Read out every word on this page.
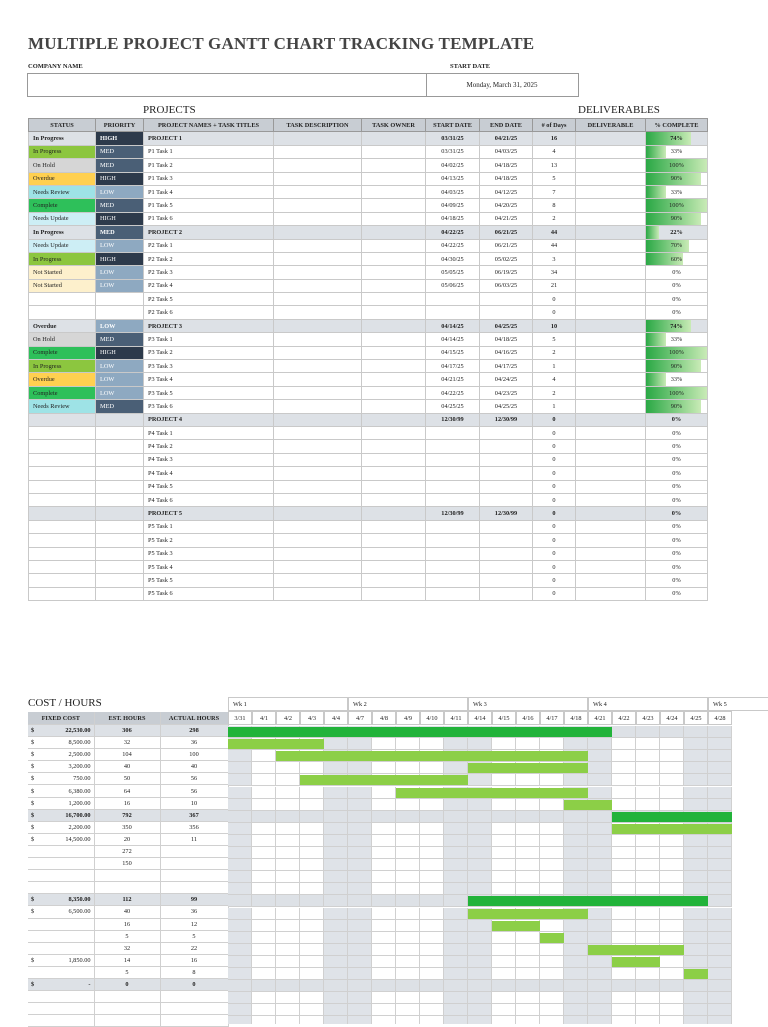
MULTIPLE PROJECT GANTT CHART TRACKING TEMPLATE
COMPANY NAME	START DATE
Monday, March 31, 2025
PROJECTS	DELIVERABLES
STATUS	PRIORITY	PROJECT NAMES + TASK TITLES	TASK DESCRIPTION	TASK OWNER	START DATE	END DATE	# of Days	DELIVERABLE	% COMPLETE
In Progress	HIGH	PROJECT 1			03/31/25	04/21/25	16		74%
In Progress	MED	P1 Task 1			03/31/25	04/03/25	4		33%
On Hold	MED	P1 Task 2			04/02/25	04/18/25	13		100%
Overdue	HIGH	P1 Task 3			04/13/25	04/18/25	5		90%
Needs Review	LOW	P1 Task 4			04/03/25	04/12/25	7		33%
Complete	MED	P1 Task 5			04/09/25	04/20/25	8		100%
Needs Update	HIGH	P1 Task 6			04/18/25	04/21/25	2		90%
In Progress	MED	PROJECT 2			04/22/25	06/21/25	44		22%
Needs Update	LOW	P2 Task 1			04/22/25	06/21/25	44		70%
In Progress	HIGH	P2 Task 2			04/30/25	05/02/25	3		60%
Not Started	LOW	P2 Task 3			05/05/25	06/19/25	34		0%
Not Started	LOW	P2 Task 4			05/06/25	06/03/25	21		0%
		P2 Task 5					0		0%
		P2 Task 6					0		0%
Overdue	LOW	PROJECT 3			04/14/25	04/25/25	10		74%
On Hold	MED	P3 Task 1			04/14/25	04/18/25	5		33%
Complete	HIGH	P3 Task 2			04/15/25	04/16/25	2		100%
In Progress	LOW	P3 Task 3			04/17/25	04/17/25	1		90%
Overdue	LOW	P3 Task 4			04/21/25	04/24/25	4		33%
Complete	LOW	P3 Task 5			04/22/25	04/23/25	2		100%
Needs Review	MED	P3 Task 6			04/25/25	04/25/25	1		90%
		PROJECT 4			12/30/99	12/30/99	0		0%
		P4 Task 1					0		0%
		P4 Task 2					0		0%
		P4 Task 3					0		0%
		P4 Task 4					0		0%
		P4 Task 5					0		0%
		P4 Task 6					0		0%
		PROJECT 5			12/30/99	12/30/99	0		0%
		P5 Task 1					0		0%
		P5 Task 2					0		0%
		P5 Task 3					0		0%
		P5 Task 4					0		0%
		P5 Task 5					0		0%
		P5 Task 6					0		0%
COST / HOURS
FIXED COST	EST. HOURS	ACTUAL HOURS

$ 22,530.00	306	298

$ 8,500.00	32	36

$ 2,500.00	104	100

$ 3,200.00	40	40

$ 750.00	50	56

$ 6,380.00	64	56

$ 1,200.00	16	10

$ 16,700.00	792	367

$ 2,200.00	350	356

$ 14,500.00	20	11

	272	

	150	

$ 8,350.00	112	99

$ 6,500.00	40	36

	16	12

	5	5

	32	22

$ 1,850.00	14	16

	5	8

$ -	0	0

Wk 1	Wk 2	Wk 3	Wk 4	Wk 5
3/31	4/1	4/2	4/3	4/4	4/7	4/8	4/9	4/10	4/11	4/14	4/15	4/16	4/17	4/18	4/21	4/22	4/23	4/24	4/25	4/28
